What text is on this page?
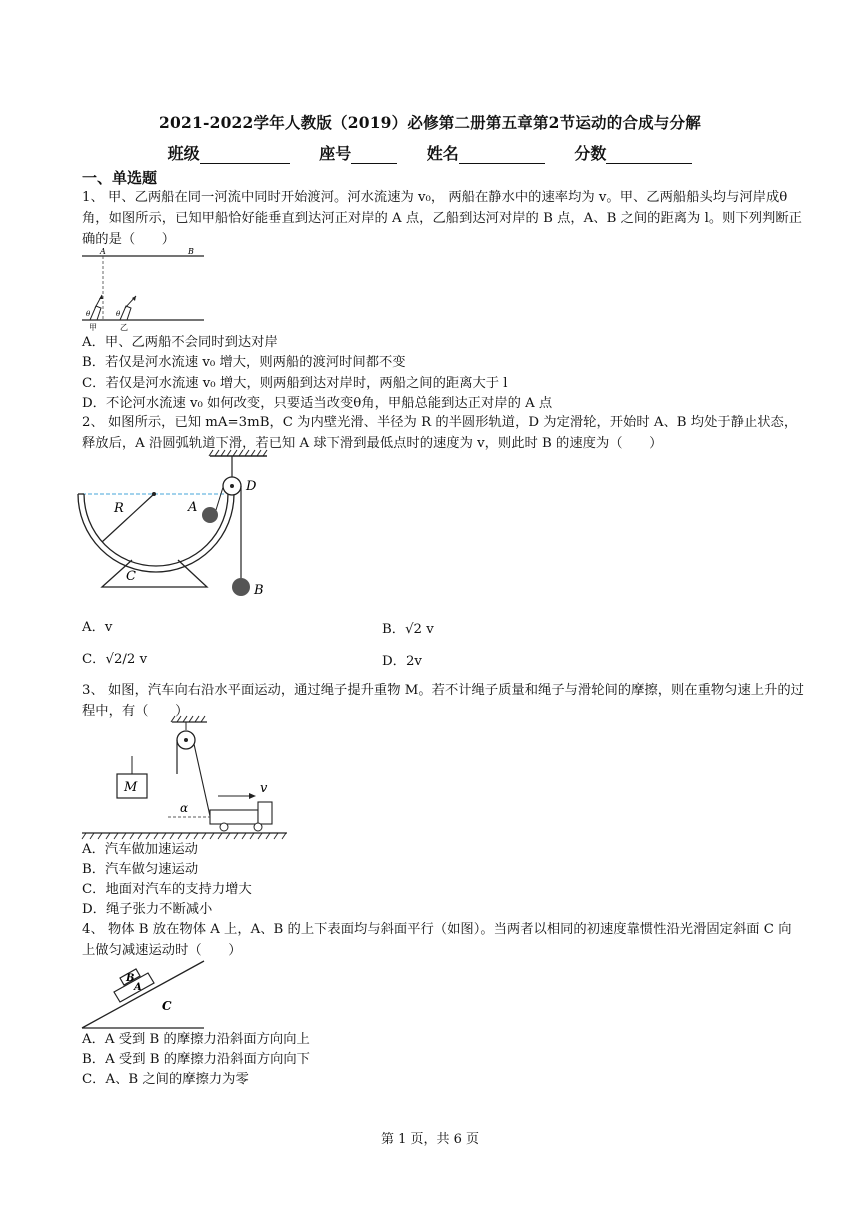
2021-2022学年人教版（2019）必修第二册第五章第2节运动的合成与分解
班级	座号	姓名	分数
一、单选题
1、 甲、乙两船在同一河流中同时开始渡河。河水流速为 v₀， 两船在静水中的速率均为 v。甲、乙两船船头均与河岸成θ角，如图所示，已知甲船恰好能垂直到达河正对岸的 A 点，乙船到达河对岸的 B 点，A、B 之间的距离为 l。则下列判断正确的是（　　）
A	B
θ	θ
甲	乙
A．甲、乙两船不会同时到达对岸
B．若仅是河水流速 v₀ 增大，则两船的渡河时间都不变
C．若仅是河水流速 v₀ 增大，则两船到达对岸时，两船之间的距离大于 l
D．不论河水流速 v₀ 如何改变，只要适当改变θ角，甲船总能到达正对岸的 A 点
2、 如图所示，已知 mA=3mB，C 为内壁光滑、半径为 R 的半圆形轨道，D 为定滑轮，开始时 A、B 均处于静止状态，释放后，A 沿圆弧轨道下滑，若已知 A 球下滑到最低点时的速度为 v，则此时 B 的速度为（　　）
R	A
D
B
C
A．v	B．√2 v
C．√2/2 v	D．2v
3、 如图，汽车向右沿水平面运动，通过绳子提升重物 M。若不计绳子质量和绳子与滑轮间的摩擦，则在重物匀速上升的过程中，有（　　）
M
α
v
A．汽车做加速运动
B．汽车做匀速运动
C．地面对汽车的支持力增大
D．绳子张力不断减小
4、 物体 B 放在物体 A 上，A、B 的上下表面均与斜面平行（如图）。当两者以相同的初速度靠惯性沿光滑固定斜面 C 向上做匀减速运动时（　　）
B
A
C
A．A 受到 B 的摩擦力沿斜面方向向上
B．A 受到 B 的摩擦力沿斜面方向向下
C．A、B 之间的摩擦力为零
第 1 页，共 6 页
